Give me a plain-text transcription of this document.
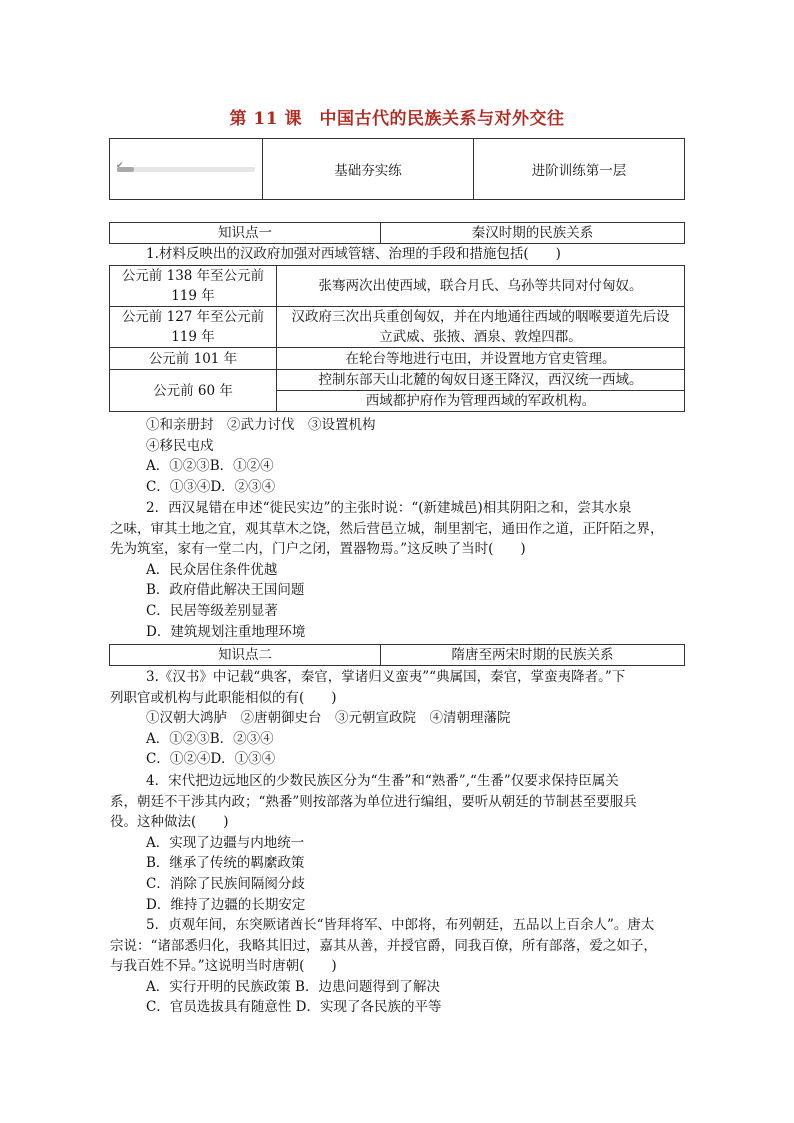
第 11 课　中国古代的民族关系与对外交往
✔	基础夯实练	进阶训练第一层
知识点一	秦汉时期的民族关系
1.材料反映出的汉政府加强对西域管辖、治理的手段和措施包括(　　)
公元前 138 年至公元前 119 年	张骞两次出使西域，联合月氏、乌孙等共同对付匈奴。
公元前 127 年至公元前 119 年	汉政府三次出兵重创匈奴，并在内地通往西域的咽喉要道先后设立武威、张掖、酒泉、敦煌四郡。
公元前 101 年	在轮台等地进行屯田，并设置地方官吏管理。
公元前 60 年	控制东部天山北麓的匈奴日逐王降汉，西汉统一西域。
	西域都护府作为管理西域的军政机构。
①和亲册封　②武力讨伐　③设置机构
④移民屯戍
A．①②③B．①②④
C．①③④D．②③④
2．西汉晁错在申述“徙民实边”的主张时说：“(新建城邑)相其阴阳之和，尝其水泉
之味，审其土地之宜，观其草木之饶，然后营邑立城，制里割宅，通田作之道，正阡陌之界，
先为筑室，家有一堂二内，门户之闭，置器物焉。”这反映了当时(　　)
A．民众居住条件优越
B．政府借此解决王国问题
C．民居等级差别显著
D．建筑规划注重地理环境
知识点二	隋唐至两宋时期的民族关系
3.《汉书》中记载“典客，秦官，掌诸归义蛮夷”“典属国，秦官，掌蛮夷降者。”下
列职官或机构与此职能相似的有(　　)
①汉朝大鸿胪　②唐朝御史台　③元朝宣政院　④清朝理藩院
A．①②③B．②③④
C．①②④D．①③④
4．宋代把边远地区的少数民族区分为“生番”和“熟番”,“生番”仅要求保持臣属关
系，朝廷不干涉其内政；“熟番”则按部落为单位进行编组，要听从朝廷的节制甚至要服兵
役。这种做法(　　)
A．实现了边疆与内地统一
B．继承了传统的羁縻政策
C．消除了民族间隔阂分歧
D．维持了边疆的长期安定
5．贞观年间，东突厥诸酋长“皆拜将军、中郎将，布列朝廷，五品以上百余人”。唐太
宗说：“诸部悉归化，我略其旧过，嘉其从善，并授官爵，同我百僚，所有部落，爱之如子，
与我百姓不异。”这说明当时唐朝(　　)
A．实行开明的民族政策 B．边患问题得到了解决
C．官员选拔具有随意性 D．实现了各民族的平等
